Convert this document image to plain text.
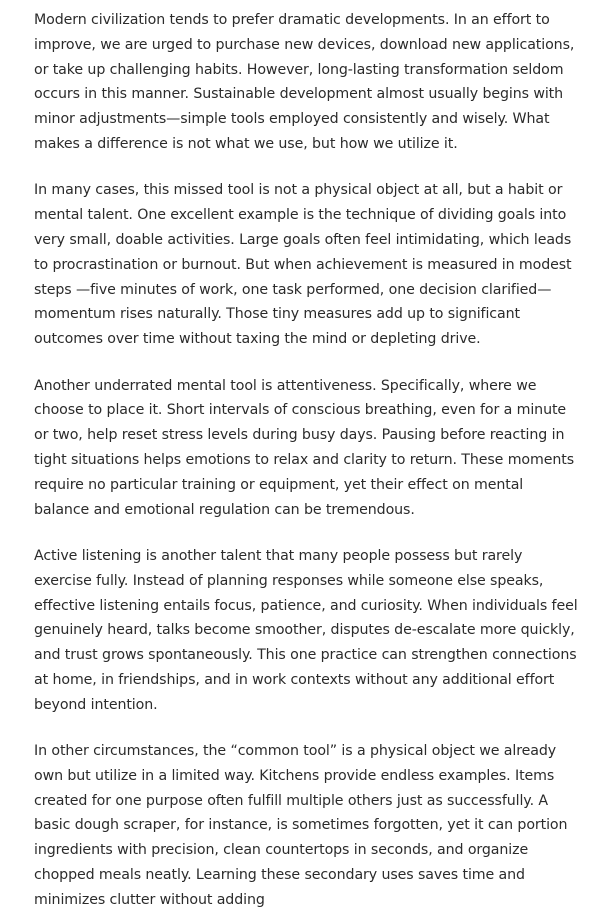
Modern civilization tends to prefer dramatic developments. In an effort to improve, we are urged to purchase new devices, download new applications, or take up challenging habits. However, long-lasting transformation seldom occurs in this manner. Sustainable development almost usually begins with minor adjustments—simple tools employed consistently and wisely. What makes a difference is not what we use, but how we utilize it.

In many cases, this missed tool is not a physical object at all, but a habit or mental talent. One excellent example is the technique of dividing goals into very small, doable activities. Large goals often feel intimidating, which leads to procrastination or burnout. But when achievement is measured in modest steps —five minutes of work, one task performed, one decision clarified—momentum rises naturally. Those tiny measures add up to significant outcomes over time without taxing the mind or depleting drive.

Another underrated mental tool is attentiveness. Specifically, where we choose to place it. Short intervals of conscious breathing, even for a minute or two, help reset stress levels during busy days. Pausing before reacting in tight situations helps emotions to relax and clarity to return. These moments require no particular training or equipment, yet their effect on mental balance and emotional regulation can be tremendous.

Active listening is another talent that many people possess but rarely exercise fully. Instead of planning responses while someone else speaks, effective listening entails focus, patience, and curiosity. When individuals feel genuinely heard, talks become smoother, disputes de-escalate more quickly, and trust grows spontaneously. This one practice can strengthen connections at home, in friendships, and in work contexts without any additional effort beyond intention.

In other circumstances, the “common tool” is a physical object we already own but utilize in a limited way. Kitchens provide endless examples. Items created for one purpose often fulfill multiple others just as successfully. A basic dough scraper, for instance, is sometimes forgotten, yet it can portion ingredients with precision, clean countertops in seconds, and organize chopped meals neatly. Learning these secondary uses saves time and minimizes clutter without adding
